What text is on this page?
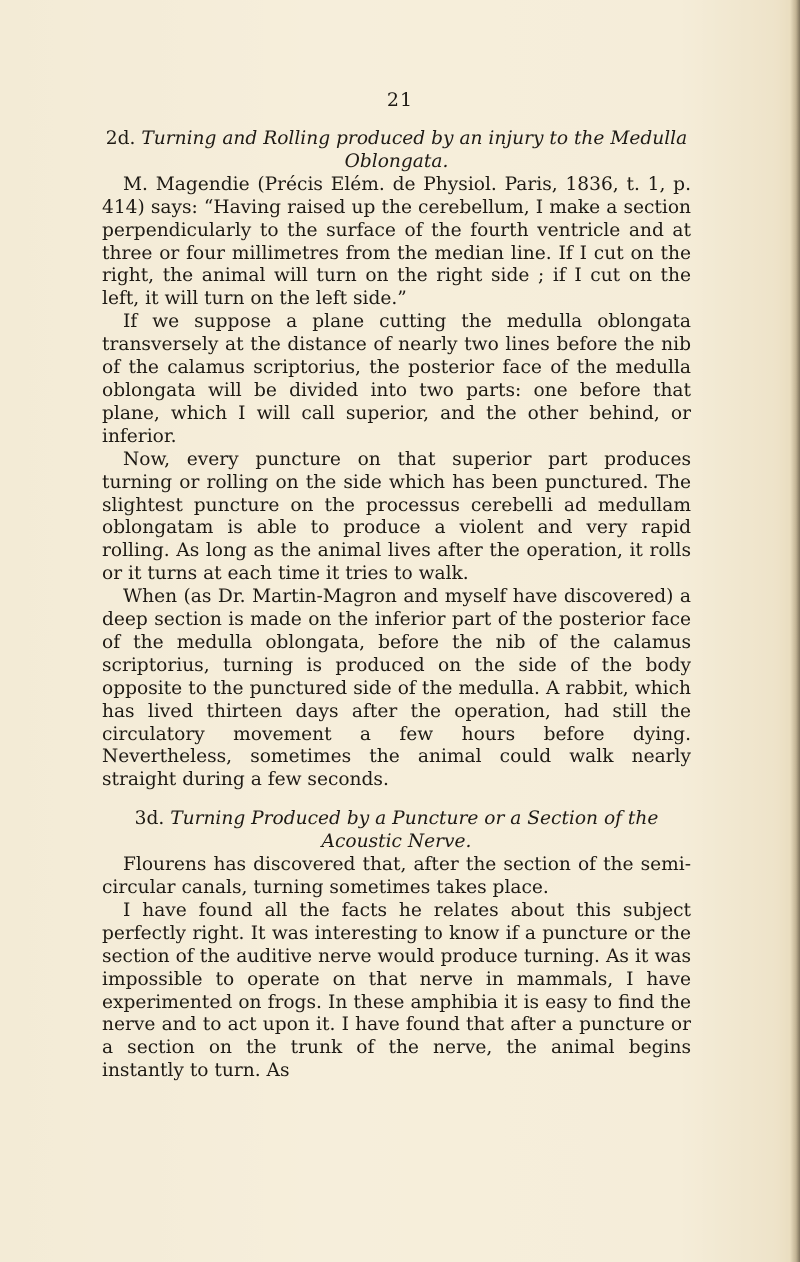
21

2d. Turning and Rolling produced by an injury to the Medulla

Oblongata.

M. Magendie (Précis Elém. de Physiol. Paris, 1836, t. 1, p. 414) says: “Having raised up the cerebellum, I make a section perpendicularly to the surface of the fourth ventricle and at three or four millimetres from the median line. If I cut on the right, the animal will turn on the right side ; if I cut on the left, it will turn on the left side.”

If we suppose a plane cutting the medulla oblongata transversely at the distance of nearly two lines before the nib of the calamus scriptorius, the posterior face of the medulla oblongata will be divided into two parts: one before that plane, which I will call superior, and the other behind, or inferior.

Now, every puncture on that superior part produces turning or rolling on the side which has been punctured. The slightest puncture on the processus cerebelli ad medullam oblongatam is able to produce a violent and very rapid rolling. As long as the animal lives after the operation, it rolls or it turns at each time it tries to walk.

When (as Dr. Martin-Magron and myself have discovered) a deep section is made on the inferior part of the posterior face of the medulla oblongata, before the nib of the calamus scriptorius, turning is produced on the side of the body opposite to the punctured side of the medulla. A rabbit, which has lived thirteen days after the operation, had still the circulatory movement a few hours before dying. Nevertheless, sometimes the animal could walk nearly straight during a few seconds.

3d. Turning Produced by a Puncture or a Section of the

Acoustic Nerve.

Flourens has discovered that, after the section of the semi-circular canals, turning sometimes takes place.

I have found all the facts he relates about this subject perfectly right. It was interesting to know if a puncture or the section of the auditive nerve would produce turning. As it was impossible to operate on that nerve in mammals, I have experimented on frogs. In these amphibia it is easy to find the nerve and to act upon it. I have found that after a puncture or a section on the trunk of the nerve, the animal begins instantly to turn. As
